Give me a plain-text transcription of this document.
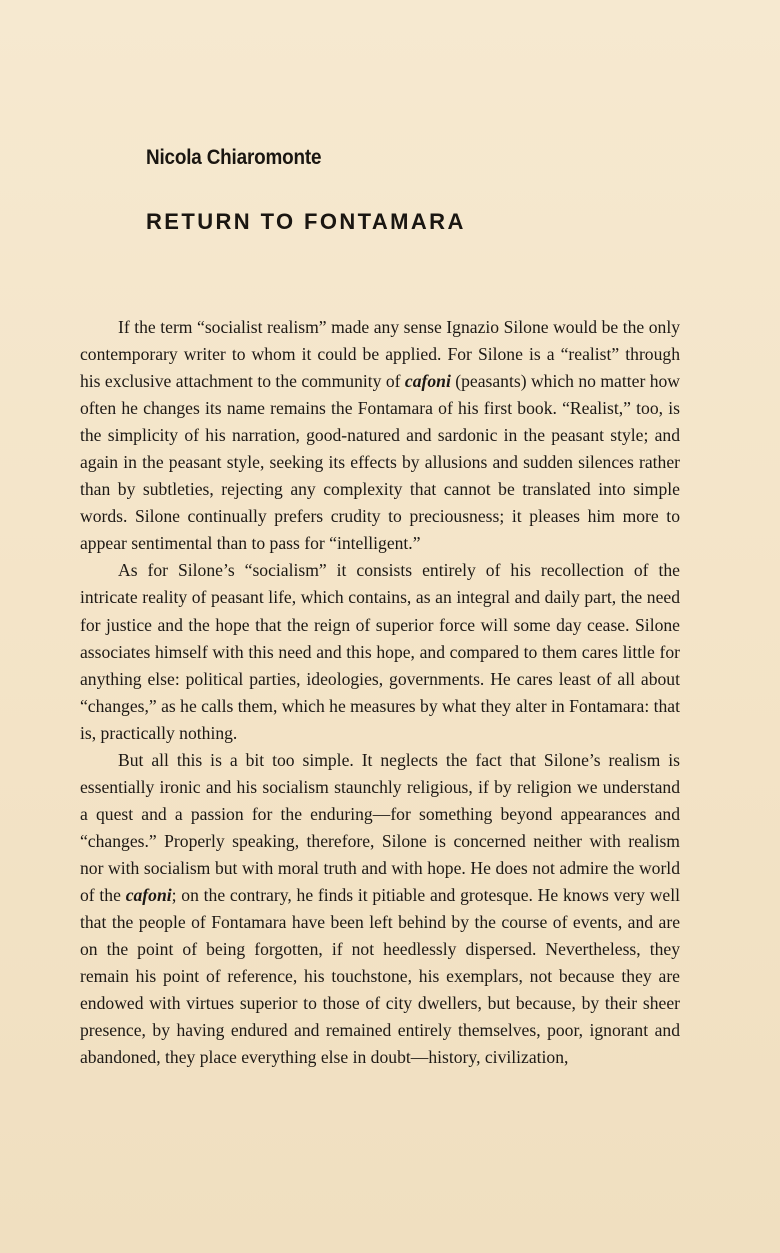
Nicola Chiaromonte
RETURN TO FONTAMARA

If the term “socialist realism” made any sense Ignazio Silone would be the only contemporary writer to whom it could be applied. For Silone is a “realist” through his exclusive attachment to the community of cafoni (peasants) which no matter how often he changes its name remains the Fontamara of his first book. “Realist,” too, is the simplicity of his narration, good-natured and sardonic in the peasant style; and again in the peasant style, seeking its effects by allusions and sudden silences rather than by subtleties, rejecting any complexity that cannot be translated into simple words. Silone continually prefers crudity to preciousness; it pleases him more to appear sentimental than to pass for “intelligent.”

As for Silone’s “socialism” it consists entirely of his recollection of the intricate reality of peasant life, which contains, as an integral and daily part, the need for justice and the hope that the reign of superior force will some day cease. Silone associates himself with this need and this hope, and compared to them cares little for anything else: political parties, ideologies, governments. He cares least of all about “changes,” as he calls them, which he measures by what they alter in Fontamara: that is, practically nothing.

But all this is a bit too simple. It neglects the fact that Silone’s realism is essentially ironic and his socialism staunchly religious, if by religion we understand a quest and a passion for the enduring—for something beyond appearances and “changes.” Properly speaking, therefore, Silone is concerned neither with realism nor with socialism but with moral truth and with hope. He does not admire the world of the cafoni; on the contrary, he finds it pitiable and grotesque. He knows very well that the people of Fontamara have been left behind by the course of events, and are on the point of being forgotten, if not heedlessly dispersed. Nevertheless, they remain his point of reference, his touchstone, his exemplars, not because they are endowed with virtues superior to those of city dwellers, but because, by their sheer presence, by having endured and remained entirely themselves, poor, ignorant and abandoned, they place everything else in doubt—history, civilization,
